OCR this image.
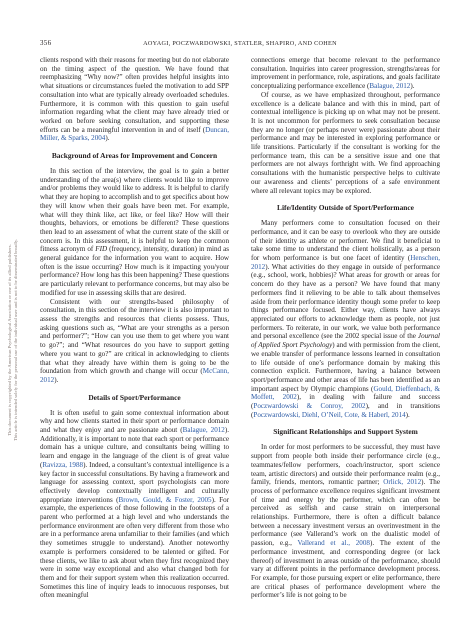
This document is copyrighted by the American Psychological Association or one of its allied publishers. This article is intended solely for the personal use of the individual user and is not to be disseminated broadly.
356	AOYAGI, POCZWARDOWSKI, STATLER, SHAPIRO, AND COHEN

clients respond with their reasons for meeting but do not elaborate on the timing aspect of the question. We have found that reemphasizing “Why now?” often provides helpful insights into what situations or circumstances fueled the motivation to add SPP consultation into what are typically already overloaded schedules. Furthermore, it is common with this question to gain useful information regarding what the client may have already tried or worked on before seeking consultation, and supporting these efforts can be a meaningful intervention in and of itself (Duncan, Miller, & Sparks, 2004).

Background of Areas for Improvement and Concern

In this section of the interview, the goal is to gain a better understanding of the area(s) where clients would like to improve and/or problems they would like to address. It is helpful to clarify what they are hoping to accomplish and to get specifics about how they will know when their goals have been met. For example, what will they think like, act like, or feel like? How will their thoughts, behaviors, or emotions be different? These questions then lead to an assessment of what the current state of the skill or concern is. In this assessment, it is helpful to keep the common fitness acronym of FID (frequency, intensity, duration) in mind as general guidance for the information you want to acquire. How often is the issue occurring? How much is it impacting you/your performance? How long has this been happening? These questions are particularly relevant to performance concerns, but may also be modified for use in assessing skills that are desired.

Consistent with our strengths-based philosophy of consultation, in this section of the interview it is also important to assess the strengths and resources that clients possess. Thus, asking questions such as, “What are your strengths as a person and performer?”; “How can you use them to get where you want to go?”; and “What resources do you have to support getting where you want to go?” are critical in acknowledging to clients that what they already have within them is going to be the foundation from which growth and change will occur (McCann, 2012).

Details of Sport/Performance

It is often useful to gain some contextual information about why and how clients started in their sport or performance domain and what they enjoy and are passionate about (Balague, 2012). Additionally, it is important to note that each sport or performance domain has a unique culture, and consultants being willing to learn and engage in the language of the client is of great value (Ravizza, 1988). Indeed, a consultant’s contextual intelligence is a key factor in successful consultations. By having a framework and language for assessing context, sport psychologists can more effectively develop contextually intelligent and culturally appropriate interventions (Brown, Gould, & Foster, 2005). For example, the experiences of those following in the footsteps of a parent who performed at a high level and who understands the performance environment are often very different from those who are in a performance arena unfamiliar to their families (and which they sometimes struggle to understand). Another noteworthy example is performers considered to be talented or gifted. For these clients, we like to ask about when they first recognized they were in some way exceptional and also what changed both for them and for their support system when this realization occurred. Sometimes this line of inquiry leads to innocuous responses, but often meaningful

connections emerge that become relevant to the performance consultation. Inquiries into career progression, strengths/areas for improvement in performance, role, aspirations, and goals facilitate conceptualizing performance excellence (Balague, 2012).

Of course, as we have emphasized throughout, performance excellence is a delicate balance and with this in mind, part of contextual intelligence is picking up on what may not be present. It is not uncommon for performers to seek consultation because they are no longer (or perhaps never were) passionate about their performance and may be interested in exploring performance or life transitions. Particularly if the consultant is working for the performance team, this can be a sensitive issue and one that performers are not always forthright with. We find approaching consultations with the humanistic perspective helps to cultivate our awareness and clients’ perceptions of a safe environment where all relevant topics may be explored.

Life/Identity Outside of Sport/Performance

Many performers come to consultation focused on their performance, and it can be easy to overlook who they are outside of their identity as athlete or performer. We find it beneficial to take some time to understand the client holistically, as a person for whom performance is but one facet of identity (Henschen, 2012). What activities do they engage in outside of performance (e.g., school, work, hobbies)? What areas for growth or areas for concern do they have as a person? We have found that many performers find it relieving to be able to talk about themselves aside from their performance identity though some prefer to keep things performance focused. Either way, clients have always appreciated our efforts to acknowledge them as people, not just performers. To reiterate, in our work, we value both performance and personal excellence (see the 2002 special issue of the Journal of Applied Sport Psychology) and with permission from the client, we enable transfer of performance lessons learned in consultation to life outside of one’s performance domain by making this connection explicit. Furthermore, having a balance between sport/performance and other areas of life has been identified as an important aspect by Olympic champions (Gould, Dieffenbach, & Moffett, 2002), in dealing with failure and success (Poczwardowski & Conroy, 2002), and in transitions (Poczwardowski, Diehl, O’Neil, Cote, & Haberl, 2014).

Significant Relationships and Support System

In order for most performers to be successful, they must have support from people both inside their performance circle (e.g., teammates/fellow performers, coach/instructor, sport science team, artistic directors) and outside their performance realm (e.g., family, friends, mentors, romantic partner; Orlick, 2012). The process of performance excellence requires significant investment of time and energy by the performer, which can often be perceived as selfish and cause strain on interpersonal relationships. Furthermore, there is often a difficult balance between a necessary investment versus an overinvestment in the performance (see Vallerand’s work on the dualistic model of passion, e.g., Vallerand et al., 2008). The extent of the performance investment, and corresponding degree (or lack thereof) of investment in areas outside of the performance, should vary at different points in the performance development process. For example, for those pursuing expert or elite performance, there are critical phases of performance development where the performer’s life is not going to be
